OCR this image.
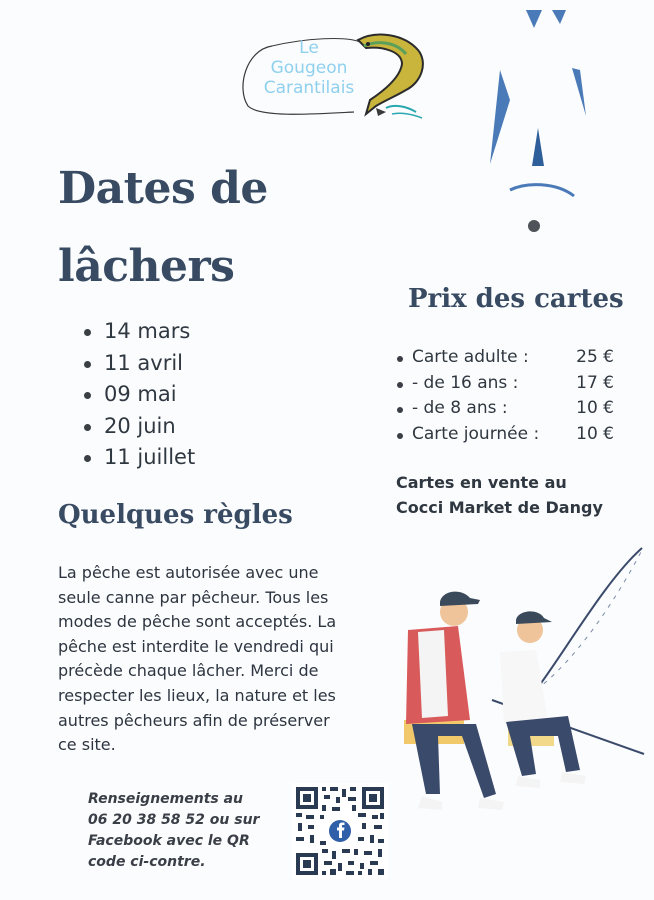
Le
Gougeon
Carantilais
Dates de
lâchers
14 mars
11 avril
09 mai
20 juin
11 juillet
Prix des cartes
Carte adulte :	25 €
- de 16 ans :	17 €
- de 8 ans :	10 €
Carte journée : 10 €
Cartes en vente au
Cocci Market de Dangy
Quelques règles
La pêche est autorisée avec une
seule canne par pêcheur. Tous les
modes de pêche sont acceptés. La
pêche est interdite le vendredi qui
précède chaque lâcher. Merci de
respecter les lieux, la nature et les
autres pêcheurs afin de préserver
ce site.
Renseignements au
06 20 38 58 52 ou sur
Facebook avec le QR
code ci-contre.
